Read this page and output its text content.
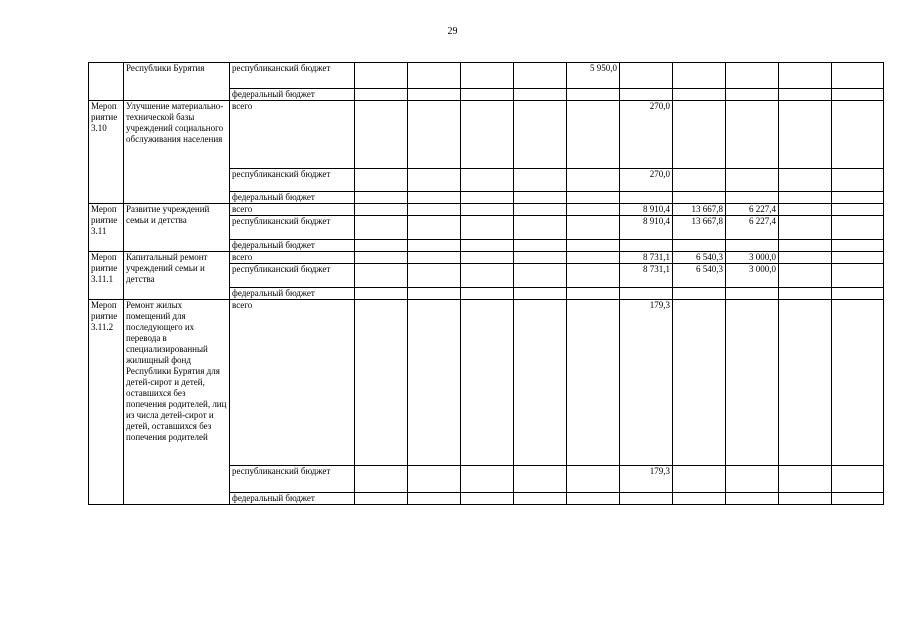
29
	Республики Бурятия	республиканский бюджет					5 950,0					
		федеральный бюджет										
Мероп риятие 3.10	Улучшение материально-технической базы учреждений социального обслуживания населения	всего						270,0				
		республиканский бюджет						270,0				
		федеральный бюджет										
Мероп риятие 3.11	Развитие учреждений семьи и детства	всего						8 910,4	13 667,8	6 227,4		
		республиканский бюджет						8 910,4	13 667,8	6 227,4		
		федеральный бюджет										
Мероп риятие 3.11.1	Капитальный ремонт учреждений семьи и детства	всего						8 731,1	6 540,3	3 000,0		
		республиканский бюджет						8 731,1	6 540,3	3 000,0		
		федеральный бюджет										
Мероп риятие 3.11.2	Ремонт жилых помещений для последующего их перевода в специализированный жилищный фонд Республики Бурятия для детей-сирот и детей, оставшихся без попечения родителей, лиц из числа детей-сирот и детей, оставшихся без попечения родителей	всего						179,3				
		республиканский бюджет						179,3				
		федеральный бюджет										
